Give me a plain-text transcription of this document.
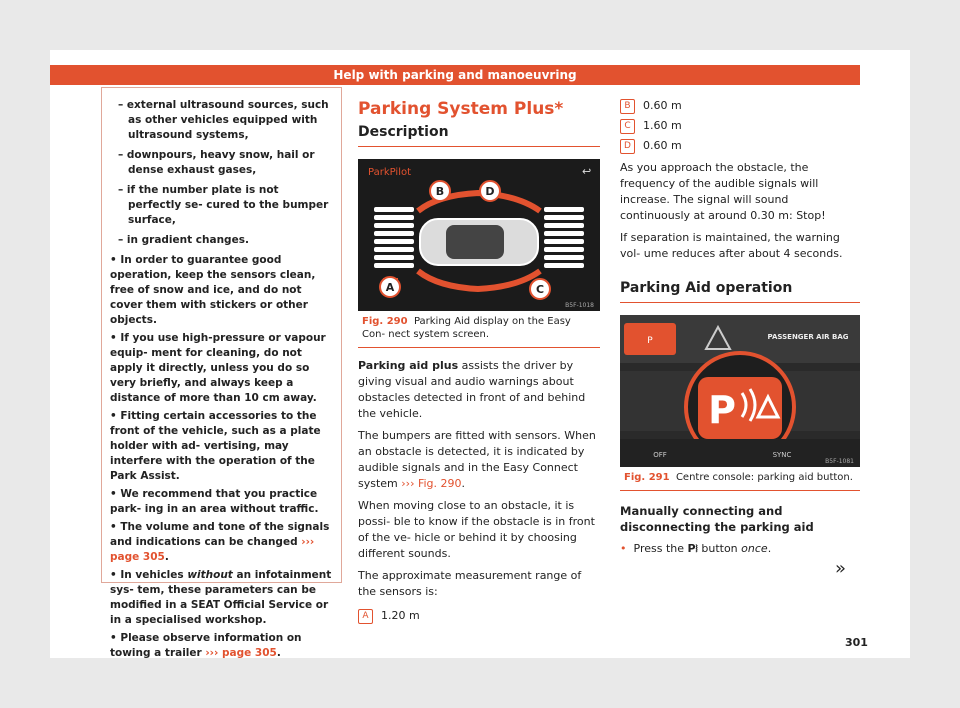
Help with parking and manoeuvring
– external ultrasound sources, such as other vehicles equipped with ultrasound systems,
– downpours, heavy snow, hail or dense exhaust gases,
– if the number plate is not perfectly se- cured to the bumper surface,
– in gradient changes.
• In order to guarantee good operation, keep the sensors clean, free of snow and ice, and do not cover them with stickers or other objects.
• If you use high-pressure or vapour equip- ment for cleaning, do not apply it directly, unless you do so very briefly, and always keep a distance of more than 10 cm away.
• Fitting certain accessories to the front of the vehicle, such as a plate holder with ad- vertising, may interfere with the operation of the Park Assist.
• We recommend that you practice park- ing in an area without traffic.
• The volume and tone of the signals and indications can be changed ››› page 305.
• In vehicles without an infotainment sys- tem, these parameters can be modified in a SEAT Official Service or in a specialised workshop.
• Please observe information on towing a trailer ››› page 305.
Parking System Plus*
Description
ParkPilot	↩
A
B
C
D
B5F-1018
Fig. 290 Parking Aid display on the Easy Con- nect system screen.

Parking aid plus assists the driver by giving visual and audio warnings about obstacles detected in front of and behind the vehicle.

The bumpers are fitted with sensors. When an obstacle is detected, it is indicated by audible signals and in the Easy Connect system ››› Fig. 290.

When moving close to an obstacle, it is possi- ble to know if the obstacle is in front of the ve- hicle or behind it by choosing different sounds.

The approximate measurement range of the sensors is:

A 1.20 m

B 0.60 m

C 1.60 m

D 0.60 m

As you approach the obstacle, the frequency of the audible signals will increase. The signal will sound continuously at around 0.30 m: Stop!

If separation is maintained, the warning vol- ume reduces after about 4 seconds.

Parking Aid operation
P	PASSENGER AIR BAG
P
OFF	SYNC
B5F-1081
Fig. 291 Centre console: parking aid button.

Manually connecting and disconnecting the parking aid

• Press the P⧘ button once.

»
301
